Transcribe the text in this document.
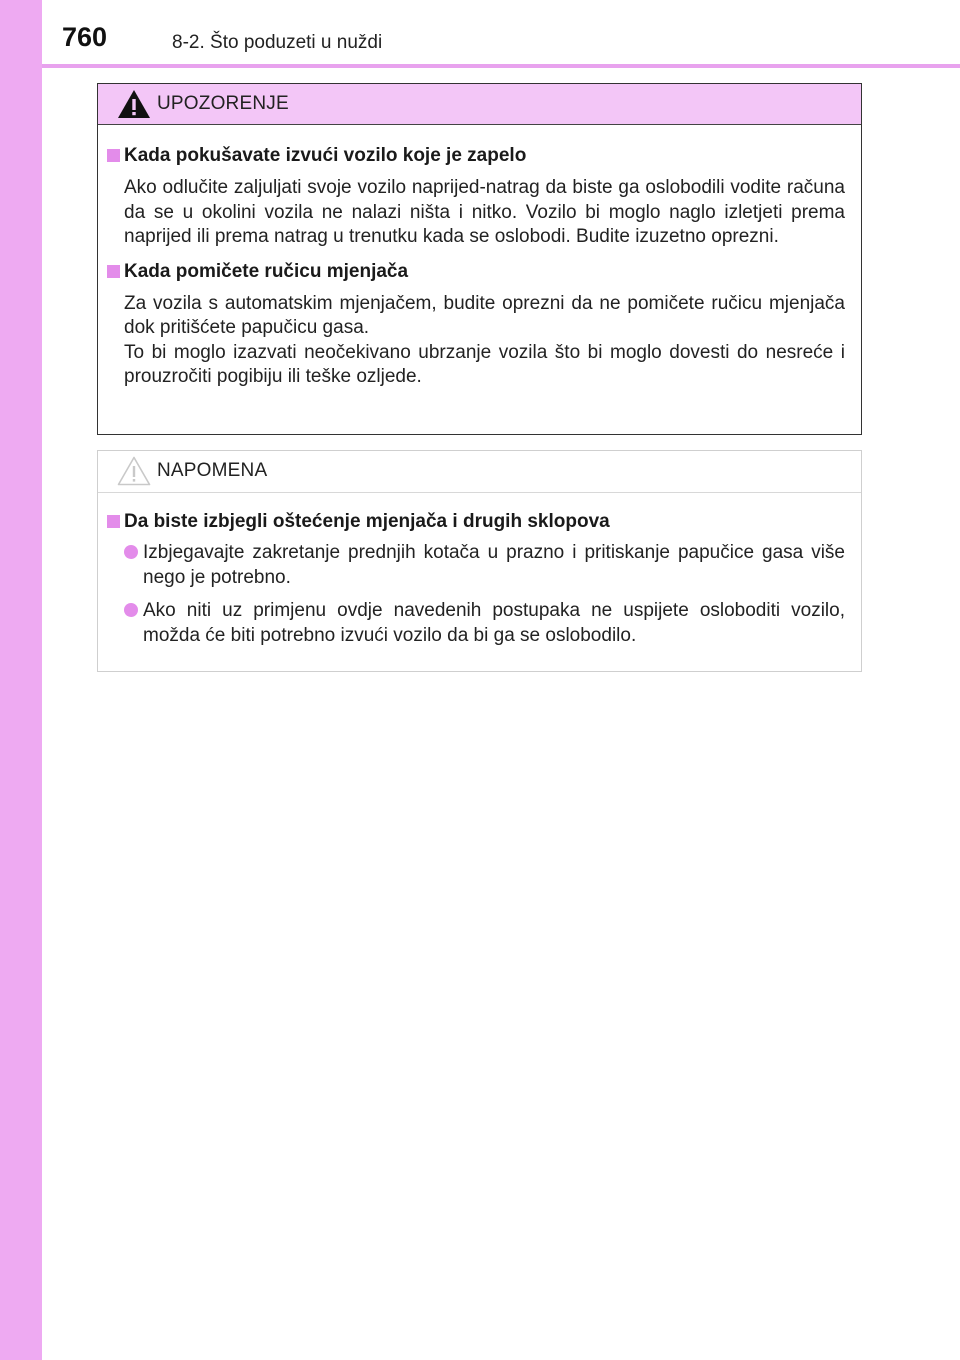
760	8-2. Što poduzeti u nuždi
UPOZORENJE
Kada pokušavate izvući vozilo koje je zapelo
Ako odlučite zaljuljati svoje vozilo naprijed-natrag da biste ga oslobodili vodite računa da se u okolini vozila ne nalazi ništa i nitko. Vozilo bi moglo naglo izletjeti prema naprijed ili prema natrag u trenutku kada se oslobodi. Budite izuzetno oprezni.
Kada pomičete ručicu mjenjača
Za vozila s automatskim mjenjačem, budite oprezni da ne pomičete ručicu mjenjača dok pritišćete papučicu gasa.
To bi moglo izazvati neočekivano ubrzanje vozila što bi moglo dovesti do nesreće i prouzročiti pogibiju ili teške ozljede.
NAPOMENA
Da biste izbjegli oštećenje mjenjača i drugih sklopova
Izbjegavajte zakretanje prednjih kotača u prazno i pritiskanje papučice gasa više nego je potrebno.
Ako niti uz primjenu ovdje navedenih postupaka ne uspijete osloboditi vozilo, možda će biti potrebno izvući vozilo da bi ga se oslobodilo.
